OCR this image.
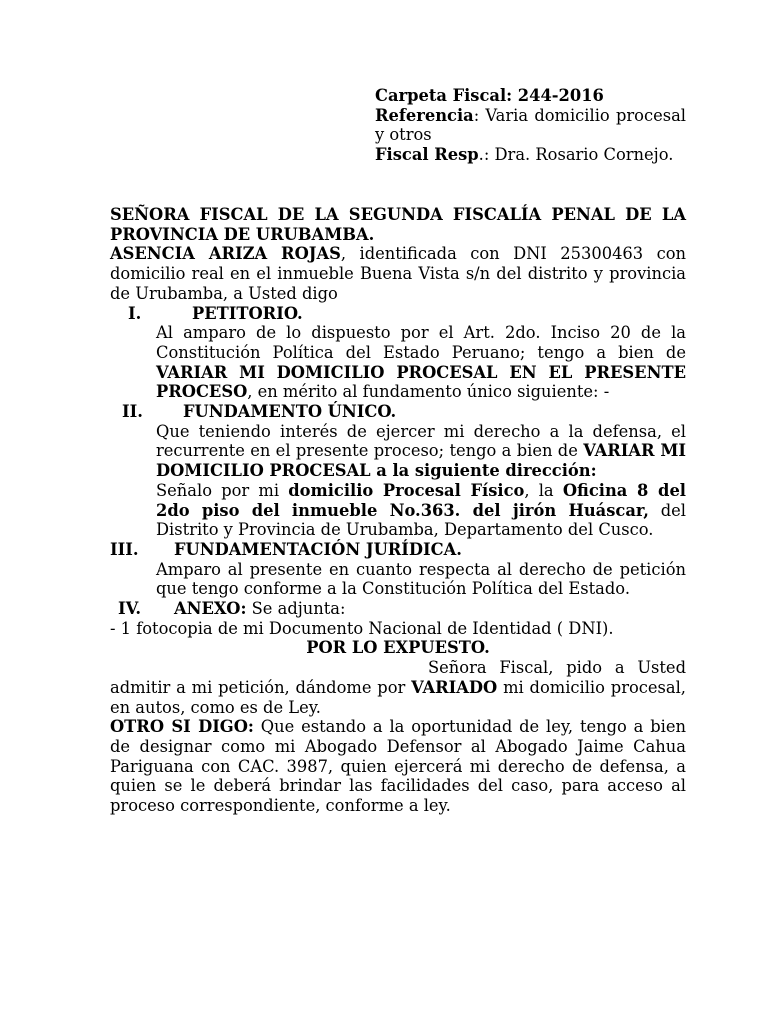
Carpeta Fiscal: 244-2016

Referencia: Varia domicilio procesal y otros

Fiscal Resp.: Dra. Rosario Cornejo.

SEÑORA FISCAL DE LA SEGUNDA FISCALÍA PENAL DE LA PROVINCIA DE URUBAMBA.

ASENCIA ARIZA ROJAS, identificada con DNI 25300463 con domicilio real en el inmueble Buena Vista s/n del distrito y provincia de Urubamba, a Usted digo

I.	PETITORIO.

Al amparo de lo dispuesto por el Art. 2do. Inciso 20 de la Constitución Política del Estado Peruano; tengo a bien de VARIAR MI DOMICILIO PROCESAL EN EL PRESENTE PROCESO, en mérito al fundamento único siguiente: -

II.	FUNDAMENTO ÚNICO.

Que teniendo interés de ejercer mi derecho a la defensa, el recurrente en el presente proceso; tengo a bien de VARIAR MI DOMICILIO PROCESAL a la siguiente dirección:

Señalo por mi domicilio Procesal Físico, la Oficina 8 del 2do piso del inmueble No.363. del jirón Huáscar, del Distrito y Provincia de Urubamba, Departamento del Cusco.

III.	FUNDAMENTACIÓN JURÍDICA.

Amparo al presente en cuanto respecta al derecho de petición que tengo conforme a la Constitución Política del Estado.

IV.	ANEXO: Se adjunta:

- 1 fotocopia de mi Documento Nacional de Identidad ( DNI).

POR LO EXPUESTO.

Señora Fiscal, pido a Usted admitir a mi petición, dándome por VARIADO mi domicilio procesal, en autos, como es de Ley.

OTRO SI DIGO: Que estando a la oportunidad de ley, tengo a bien de designar como mi Abogado Defensor al Abogado Jaime Cahua Pariguana con CAC. 3987, quien ejercerá mi derecho de defensa, a quien se le deberá brindar las facilidades del caso, para acceso al proceso correspondiente, conforme a ley.
